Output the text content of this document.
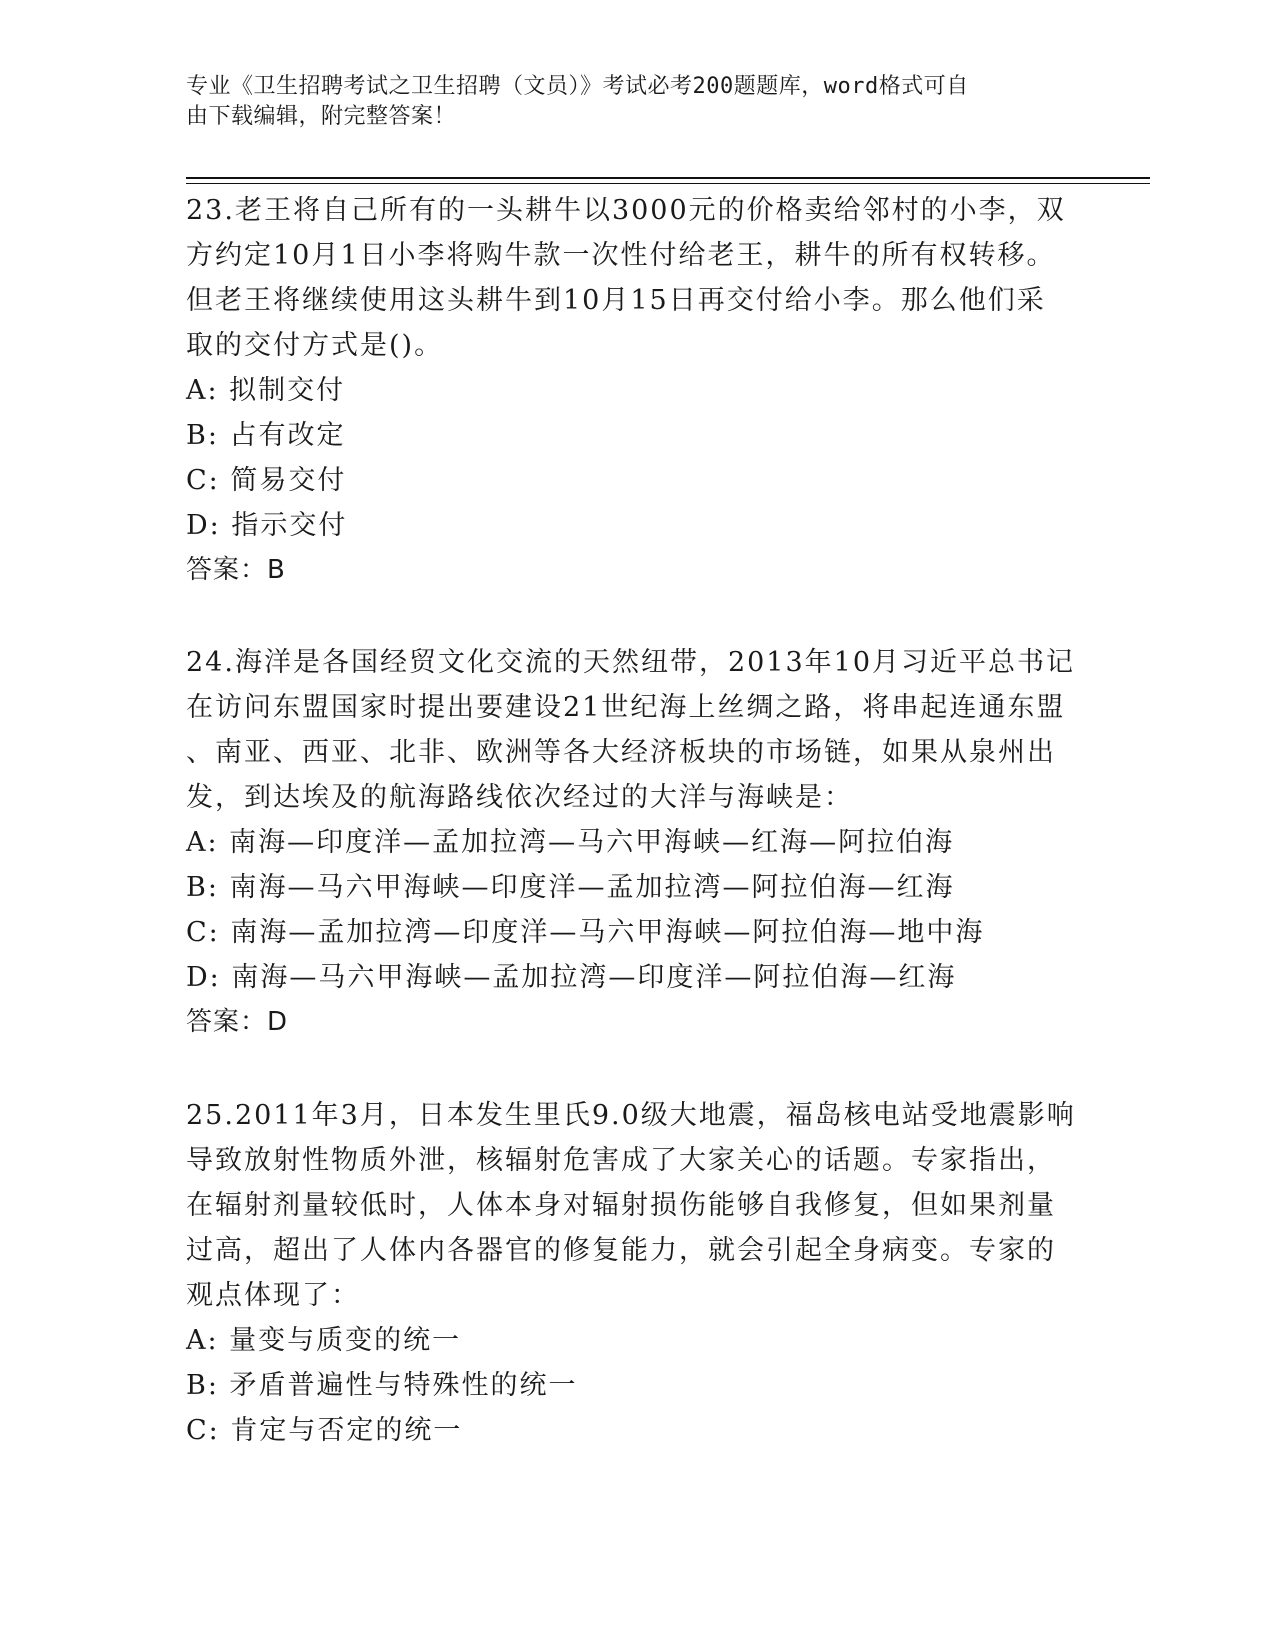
专业《卫生招聘考试之卫生招聘（文员）》考试必考200题题库，word格式可自
由下载编辑，附完整答案！
23.老王将自己所有的一头耕牛以3000元的价格卖给邻村的小李，双
方约定10月1日小李将购牛款一次性付给老王，耕牛的所有权转移。
但老王将继续使用这头耕牛到10月15日再交付给小李。那么他们采
取的交付方式是()。
A: 拟制交付
B: 占有改定
C: 简易交付
D: 指示交付
答案：B
24.海洋是各国经贸文化交流的天然纽带，2013年10月习近平总书记
在访问东盟国家时提出要建设21世纪海上丝绸之路，将串起连通东盟
、南亚、西亚、北非、欧洲等各大经济板块的市场链，如果从泉州出
发，到达埃及的航海路线依次经过的大洋与海峡是：
A: 南海—印度洋—孟加拉湾—马六甲海峡—红海—阿拉伯海
B: 南海—马六甲海峡—印度洋—孟加拉湾—阿拉伯海—红海
C: 南海—孟加拉湾—印度洋—马六甲海峡—阿拉伯海—地中海
D: 南海—马六甲海峡—孟加拉湾—印度洋—阿拉伯海—红海
答案：D
25.2011年3月，日本发生里氏9.0级大地震，福岛核电站受地震影响
导致放射性物质外泄，核辐射危害成了大家关心的话题。专家指出，
在辐射剂量较低时，人体本身对辐射损伤能够自我修复，但如果剂量
过高，超出了人体内各器官的修复能力，就会引起全身病变。专家的
观点体现了：
A: 量变与质变的统一
B: 矛盾普遍性与特殊性的统一
C: 肯定与否定的统一
